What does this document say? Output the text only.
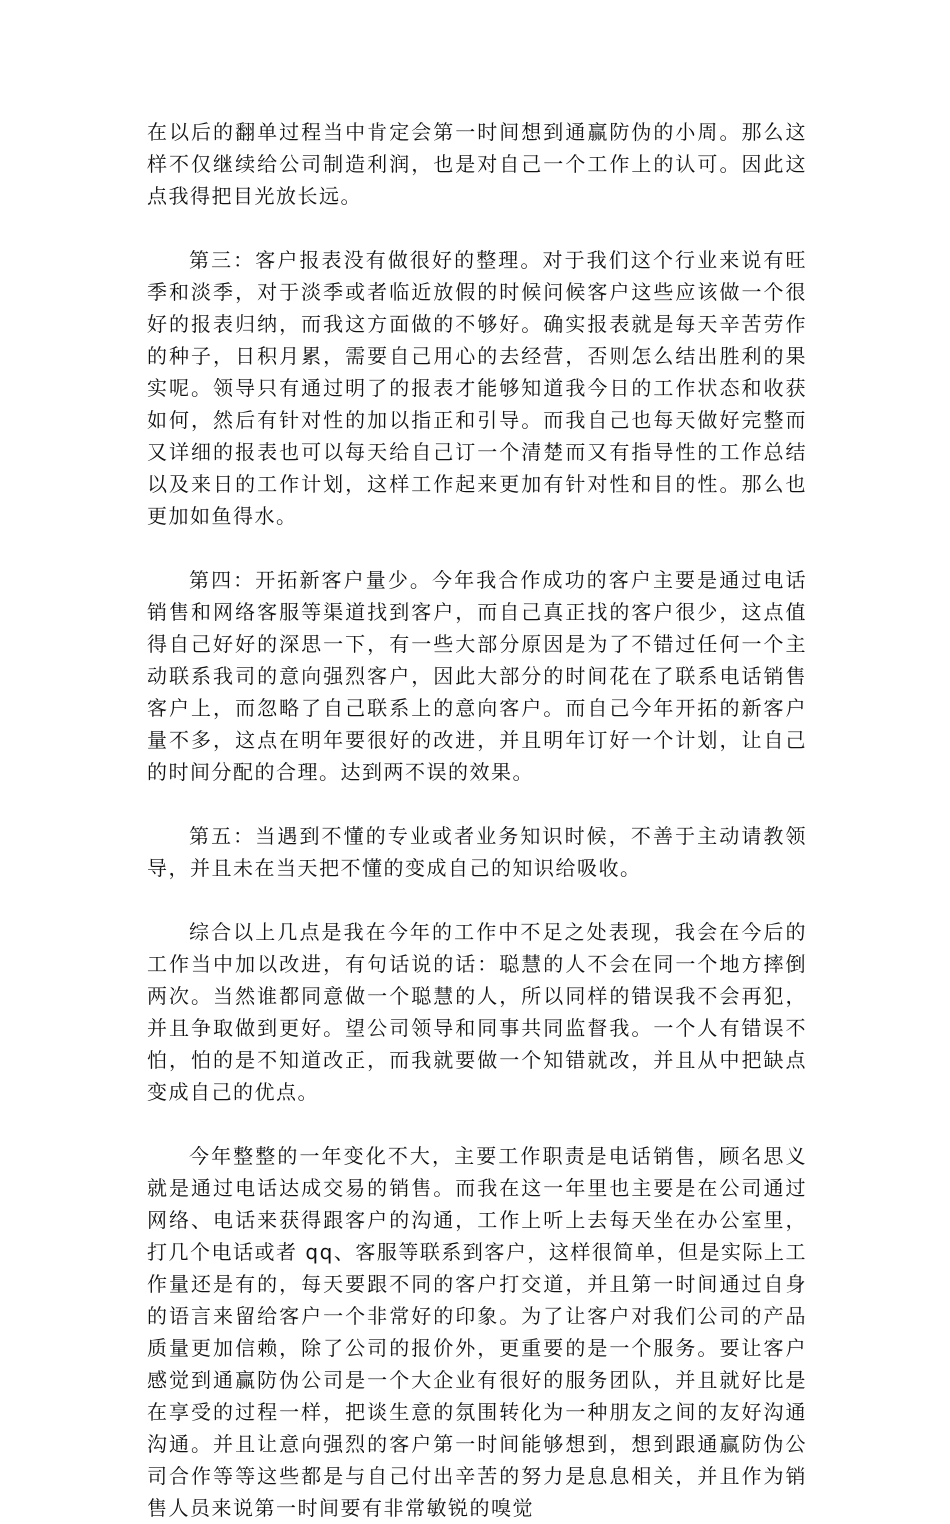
在以后的翻单过程当中肯定会第一时间想到通赢防伪的小周。那么这样不仅继续给公司制造利润，也是对自己一个工作上的认可。因此这点我得把目光放长远。

第三：客户报表没有做很好的整理。对于我们这个行业来说有旺季和淡季，对于淡季或者临近放假的时候问候客户这些应该做一个很好的报表归纳，而我这方面做的不够好。确实报表就是每天辛苦劳作的种子，日积月累，需要自己用心的去经营，否则怎么结出胜利的果实呢。领导只有通过明了的报表才能够知道我今日的工作状态和收获如何，然后有针对性的加以指正和引导。而我自己也每天做好完整而又详细的报表也可以每天给自己订一个清楚而又有指导性的工作总结以及来日的工作计划，这样工作起来更加有针对性和目的性。那么也更加如鱼得水。

第四：开拓新客户量少。今年我合作成功的客户主要是通过电话销售和网络客服等渠道找到客户，而自己真正找的客户很少，这点值得自己好好的深思一下，有一些大部分原因是为了不错过任何一个主动联系我司的意向强烈客户，因此大部分的时间花在了联系电话销售客户上，而忽略了自己联系上的意向客户。而自己今年开拓的新客户量不多，这点在明年要很好的改进，并且明年订好一个计划，让自己的时间分配的合理。达到两不误的效果。

第五：当遇到不懂的专业或者业务知识时候，不善于主动请教领导，并且未在当天把不懂的变成自己的知识给吸收。

综合以上几点是我在今年的工作中不足之处表现，我会在今后的工作当中加以改进，有句话说的话：聪慧的人不会在同一个地方摔倒两次。当然谁都同意做一个聪慧的人，所以同样的错误我不会再犯，并且争取做到更好。望公司领导和同事共同监督我。一个人有错误不怕，怕的是不知道改正，而我就要做一个知错就改，并且从中把缺点变成自己的优点。

今年整整的一年变化不大，主要工作职责是电话销售，顾名思义就是通过电话达成交易的销售。而我在这一年里也主要是在公司通过网络、电话来获得跟客户的沟通，工作上听上去每天坐在办公室里，打几个电话或者 qq、客服等联系到客户，这样很简单，但是实际上工作量还是有的，每天要跟不同的客户打交道，并且第一时间通过自身的语言来留给客户一个非常好的印象。为了让客户对我们公司的产品质量更加信赖，除了公司的报价外，更重要的是一个服务。要让客户感觉到通赢防伪公司是一个大企业有很好的服务团队，并且就好比是在享受的过程一样，把谈生意的氛围转化为一种朋友之间的友好沟通沟通。并且让意向强烈的客户第一时间能够想到，想到跟通赢防伪公司合作等等这些都是与自己付出辛苦的努力是息息相关，并且作为销售人员来说第一时间要有非常敏锐的嗅觉
